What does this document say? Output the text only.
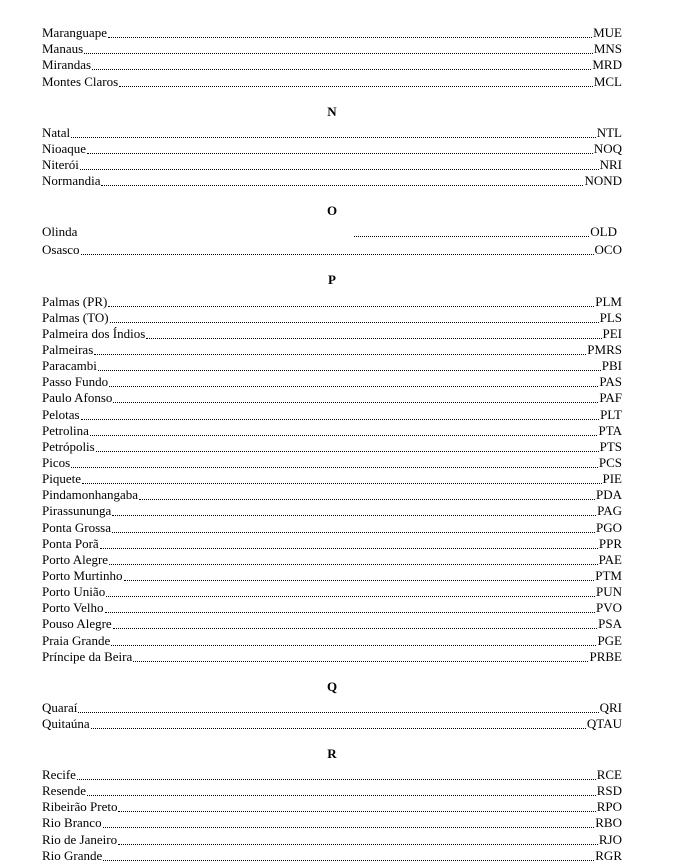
Maranguape	MUE
Manaus	MNS
Mirandas	MRD
Montes Claros	MCL
N
Natal	NTL
Nioaque	NOQ
Niterói	NRI
Normandia	NOND
O
Olinda	OLD
Osasco	OCO
P
Palmas (PR)	PLM
Palmas (TO)	PLS
Palmeira dos Índios	PEI
Palmeiras	PMRS
Paracambi	PBI
Passo Fundo	PAS
Paulo Afonso	PAF
Pelotas	PLT
Petrolina	PTA
Petrópolis	PTS
Picos	PCS
Piquete	PIE
Pindamonhangaba	PDA
Pirassununga	PAG
Ponta Grossa	PGO
Ponta Porã	PPR
Porto Alegre	PAE
Porto Murtinho	PTM
Porto União	PUN
Porto Velho	PVO
Pouso Alegre	PSA
Praia Grande	PGE
Príncipe da Beira	PRBE
Q
Quaraí	QRI
Quitaúna	QTAU
R
Recife	RCE
Resende	RSD
Ribeirão Preto	RPO
Rio Branco	RBO
Rio de Janeiro	RJO
Rio Grande	RGR
